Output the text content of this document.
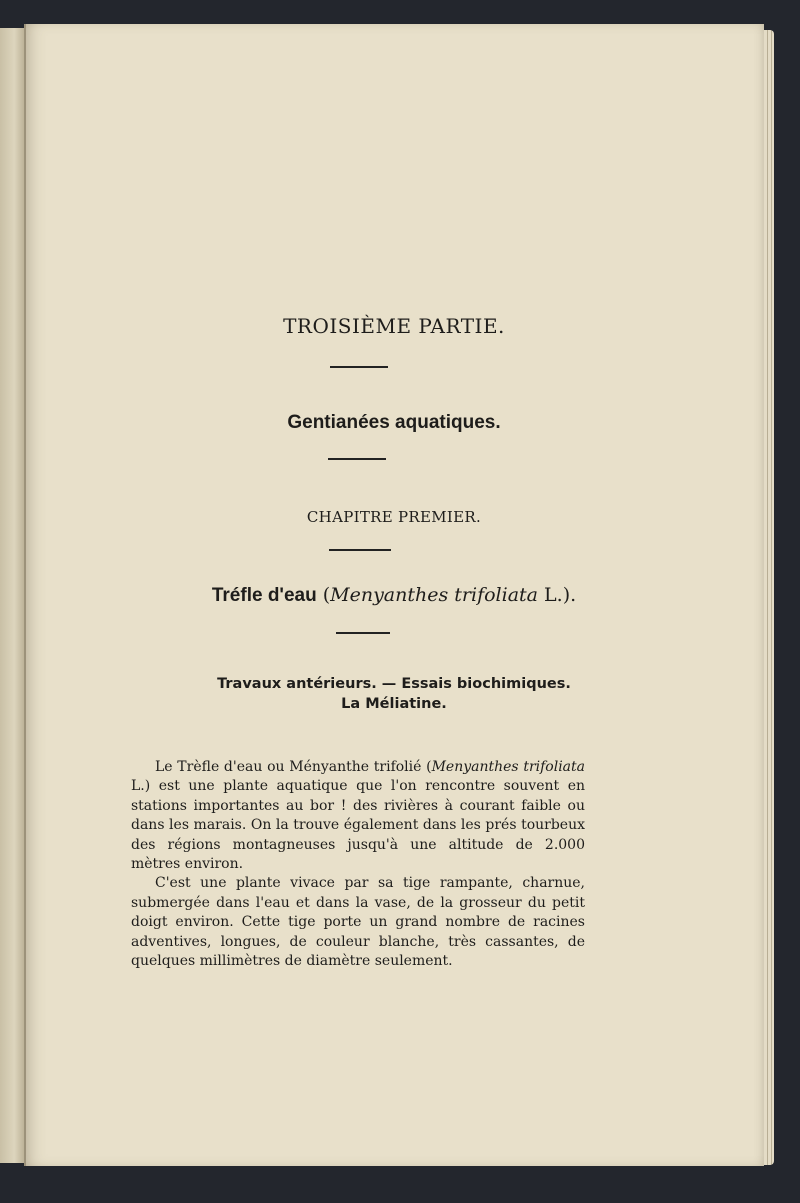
TROISIÈME PARTIE.
Gentianées aquatiques.
CHAPITRE PREMIER.
Tréfle d'eau (Menyanthes trifoliata L.).
Travaux antérieurs. — Essais biochimiques.
La Méliatine.

Le Trèfle d'eau ou Ményanthe trifolié (Menyanthes trifoliata L.) est une plante aquatique que l'on rencontre souvent en stations importantes au bor ! des rivières à courant faible ou dans les marais. On la trouve également dans les prés tourbeux des régions montagneuses jusqu'à une altitude de 2.000 mètres environ.

C'est une plante vivace par sa tige rampante, charnue, submergée dans l'eau et dans la vase, de la grosseur du petit doigt environ. Cette tige porte un grand nombre de racines adventives, longues, de couleur blanche, très cassantes, de quelques millimètres de diamètre seulement.
